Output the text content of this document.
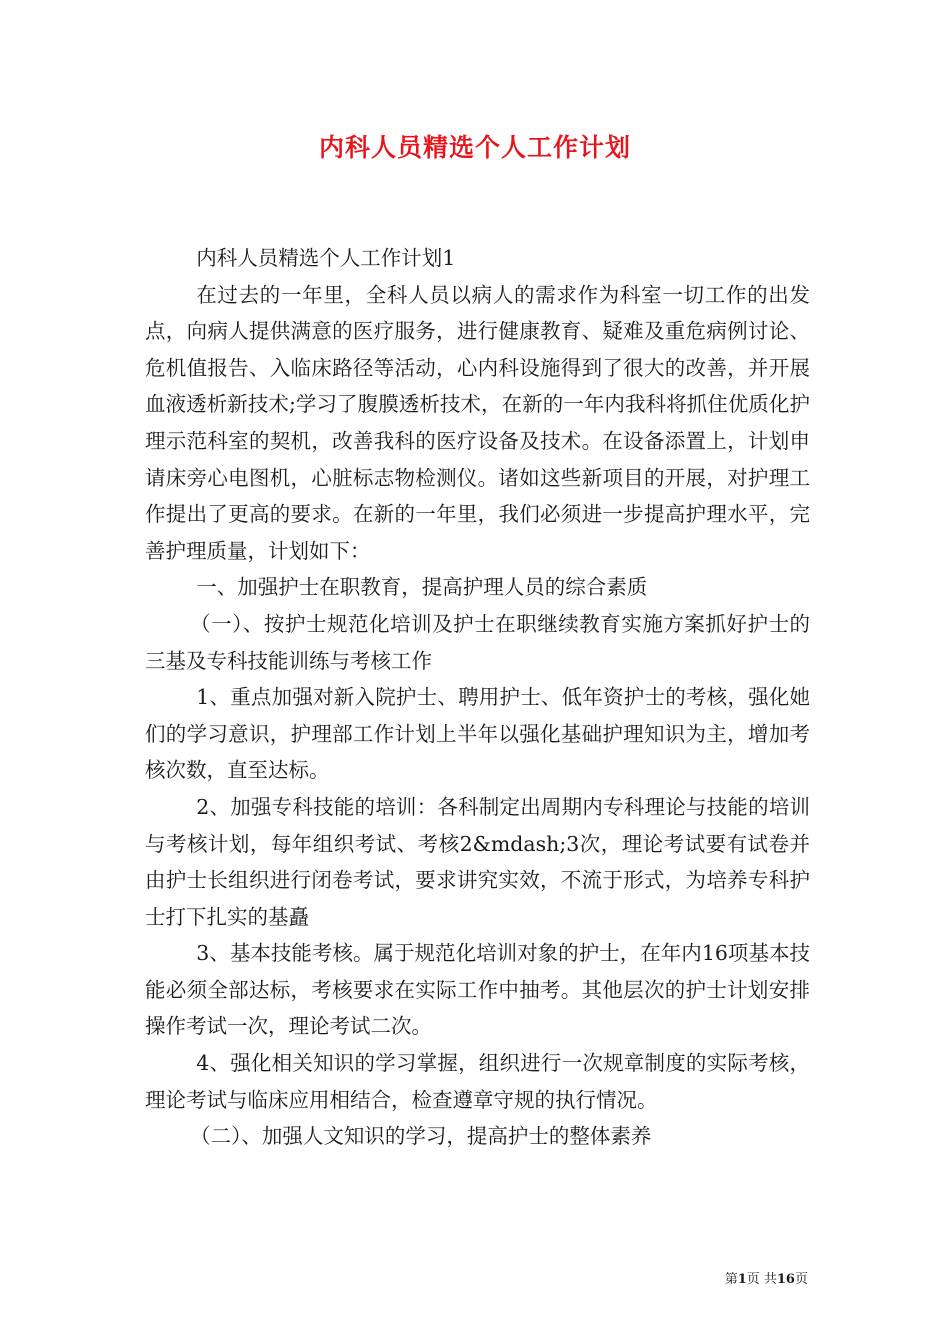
内科人员精选个人工作计划

内科人员精选个人工作计划1

在过去的一年里，全科人员以病人的需求作为科室一切工作的出发点，向病人提供满意的医疗服务，进行健康教育、疑难及重危病例讨论、危机值报告、入临床路径等活动，心内科设施得到了很大的改善，并开展血液透析新技术;学习了腹膜透析技术，在新的一年内我科将抓住优质化护理示范科室的契机，改善我科的医疗设备及技术。在设备添置上，计划申请床旁心电图机，心脏标志物检测仪。诸如这些新项目的开展，对护理工作提出了更高的要求。在新的一年里，我们必须进一步提高护理水平，完善护理质量，计划如下：

一、加强护士在职教育，提高护理人员的综合素质

（一）、按护士规范化培训及护士在职继续教育实施方案抓好护士的三基及专科技能训练与考核工作

1、重点加强对新入院护士、聘用护士、低年资护士的考核，强化她们的学习意识，护理部工作计划上半年以强化基础护理知识为主，增加考核次数，直至达标。

2、加强专科技能的培训：各科制定出周期内专科理论与技能的培训与考核计划，每年组织考试、考核2&mdash;3次，理论考试要有试卷并由护士长组织进行闭卷考试，要求讲究实效，不流于形式，为培养专科护士打下扎实的基矗

3、基本技能考核。属于规范化培训对象的护士，在年内16项基本技能必须全部达标，考核要求在实际工作中抽考。其他层次的护士计划安排操作考试一次，理论考试二次。

4、强化相关知识的学习掌握，组织进行一次规章制度的实际考核，理论考试与临床应用相结合，检查遵章守规的执行情况。

（二）、加强人文知识的学习，提高护士的整体素养

第1页 共16页
